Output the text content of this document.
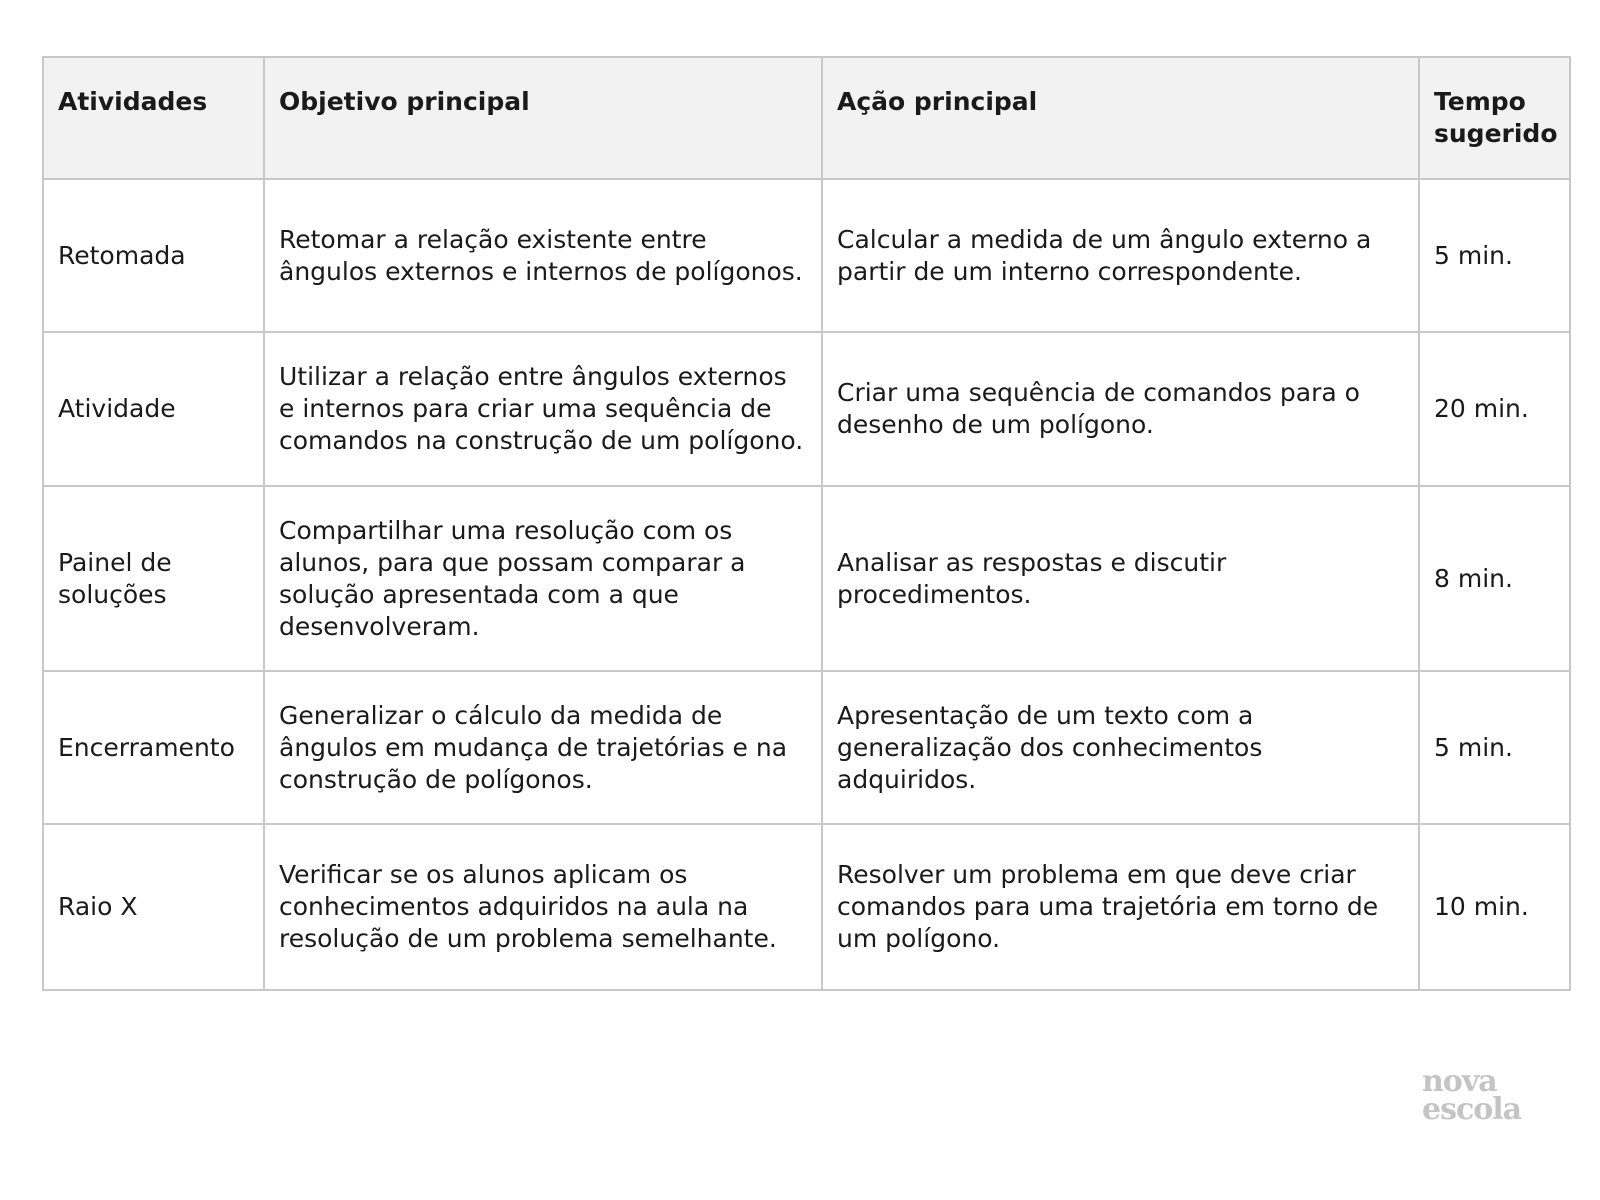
Atividades	Objetivo principal	Ação principal	Tempo sugerido
Retomada	Retomar a relação existente entre ângulos externos e internos de polígonos.	Calcular a medida de um ângulo externo a partir de um interno correspondente.	5 min.
Atividade	Utilizar a relação entre ângulos externos e internos para criar uma sequência de comandos na construção de um polígono.	Criar uma sequência de comandos para o desenho de um polígono.	20 min.
Painel de soluções	Compartilhar uma resolução com os alunos, para que possam comparar a solução apresentada com a que desenvolveram.	Analisar as respostas e discutir procedimentos.	8 min.
Encerramento	Generalizar o cálculo da medida de ângulos em mudança de trajetórias e na construção de polígonos.	Apresentação de um texto com a generalização dos conhecimentos adquiridos.	5 min.
Raio X	Verificar se os alunos aplicam os conhecimentos adquiridos na aula na resolução de um problema semelhante.	Resolver um problema em que deve criar comandos para uma trajetória em torno de um polígono.	10 min.
nova
escola
